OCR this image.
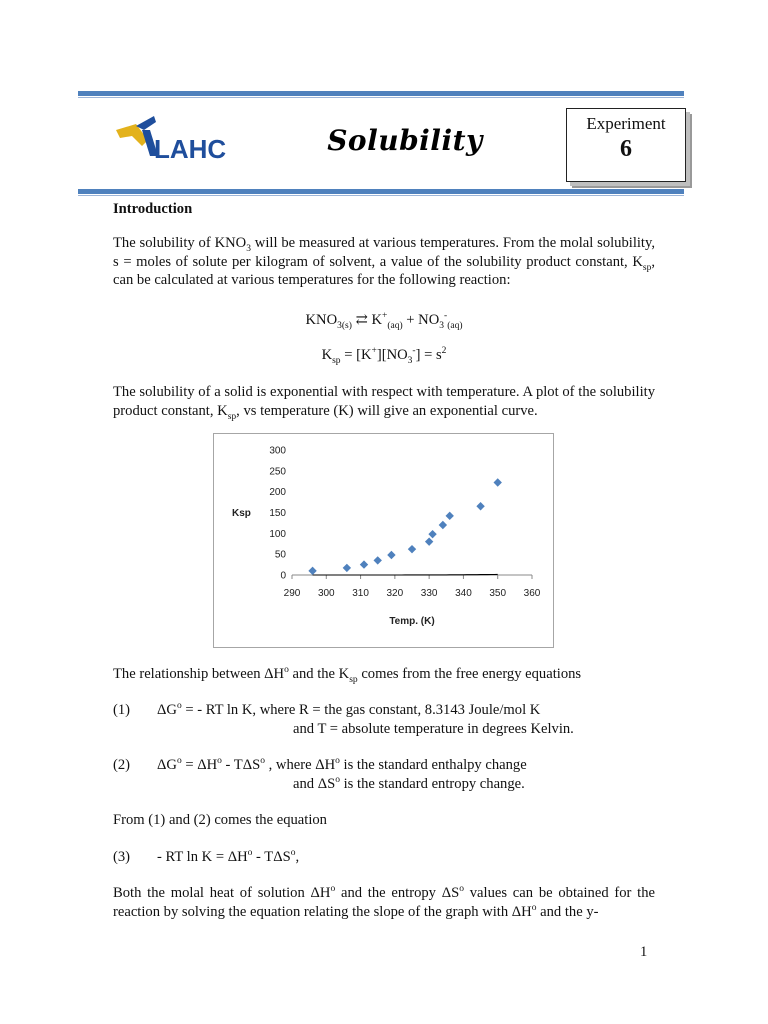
LAHC	Solubility
Experiment
6
Introduction
The solubility of $KNO_3$ will be measured at various temperatures. From the molal solubility, s = moles of solute per kilogram of solvent, a value of the solubility product constant, $K_{sp}$, can be calculated at various temperatures for the following reaction:
$KNO_{3(s)}$ ⇄ $K^+_{(aq)} + NO_3^-_{(aq)}$
$K_{sp} = [K^+][NO_3^-] = s^2$
The solubility of a solid is exponential with respect with temperature. A plot of the solubility product constant, $K_{sp}$, vs temperature (K) will give an exponential curve.
Ksp
Temp. (K)
290 300 310 320 330 340 350 360
0
50
100
150
200
250
300
The relationship between $\Delta H^o$ and the $K_{sp}$ comes from the free energy equations
(1) $\Delta G^o$ = - RT ln K, where R = the gas constant, 8.3143 Joule/mol K
and T = absolute temperature in degrees Kelvin.
(2) $\Delta G^o = \Delta H^o - T\Delta S^o$ , where $\Delta H^o$ is the standard enthalpy change
and $\Delta S^o$ is the standard entropy change.
From (1) and (2) comes the equation
(3) - RT $\ln K = \Delta H^o - T\Delta S^o$,
Both the molal heat of solution $\Delta H^o$ and the entropy $\Delta S^o$ values can be obtained for the reaction by solving the equation relating the slope of the graph with $\Delta H^o$ and the y-
1
